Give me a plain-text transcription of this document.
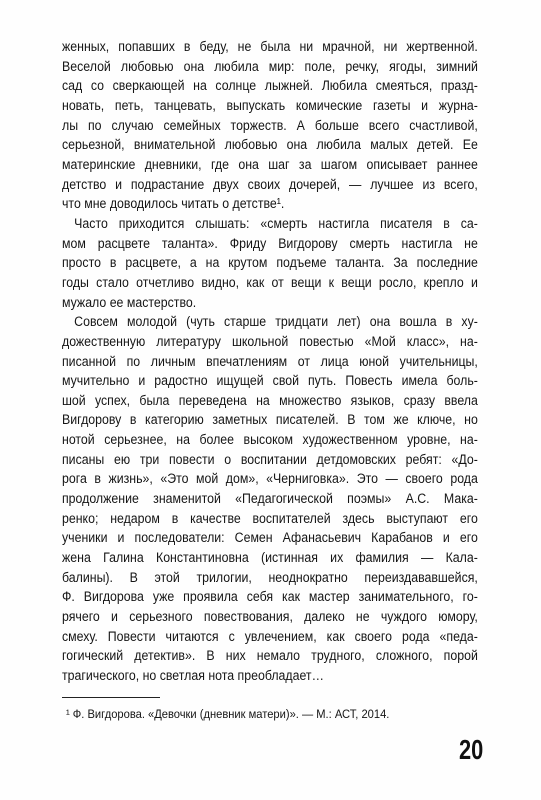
женных, попавших в беду, не была ни мрачной, ни жертвенной.
Веселой любовью она любила мир: поле, речку, ягоды, зимний
сад со сверкающей на солнце лыжней. Любила смеяться, празд-
новать, петь, танцевать, выпускать комические газеты и журна-
лы по случаю семейных торжеств. А больше всего счастливой,
серьезной, внимательной любовью она любила малых детей. Ее
материнские дневники, где она шаг за шагом описывает раннее
детство и подрастание двух своих дочерей, — лучшее из всего,
что мне доводилось читать о детстве¹.
Часто приходится слышать: «смерть настигла писателя в са-
мом расцвете таланта». Фриду Вигдорову смерть настигла не
просто в расцвете, а на крутом подъеме таланта. За последние
годы стало отчетливо видно, как от вещи к вещи росло, крепло и
мужало ее мастерство.
Совсем молодой (чуть старше тридцати лет) она вошла в ху-
дожественную литературу школьной повестью «Мой класс», на-
писанной по личным впечатлениям от лица юной учительницы,
мучительно и радостно ищущей свой путь. Повесть имела боль-
шой успех, была переведена на множество языков, сразу ввела
Вигдорову в категорию заметных писателей. В том же ключе, но
нотой серьезнее, на более высоком художественном уровне, на-
писаны ею три повести о воспитании детдомовских ребят: «До-
рога в жизнь», «Это мой дом», «Черниговка». Это — своего рода
продолжение знаменитой «Педагогической поэмы» А.С. Мака-
ренко; недаром в качестве воспитателей здесь выступают его
ученики и последователи: Семен Афанасьевич Карабанов и его
жена Галина Константиновна (истинная их фамилия — Кала-
балины). В этой трилогии, неоднократно переиздававшейся,
Ф. Вигдорова уже проявила себя как мастер занимательного, го-
рячего и серьезного повествования, далеко не чуждого юмору,
смеху. Повести читаются с увлечением, как своего рода «педа-
гогический детектив». В них немало трудного, сложного, порой
трагического, но светлая нота преобладает…
¹ Ф. Вигдорова. «Девочки (дневник матери)». — М.: АСТ, 2014.
20
